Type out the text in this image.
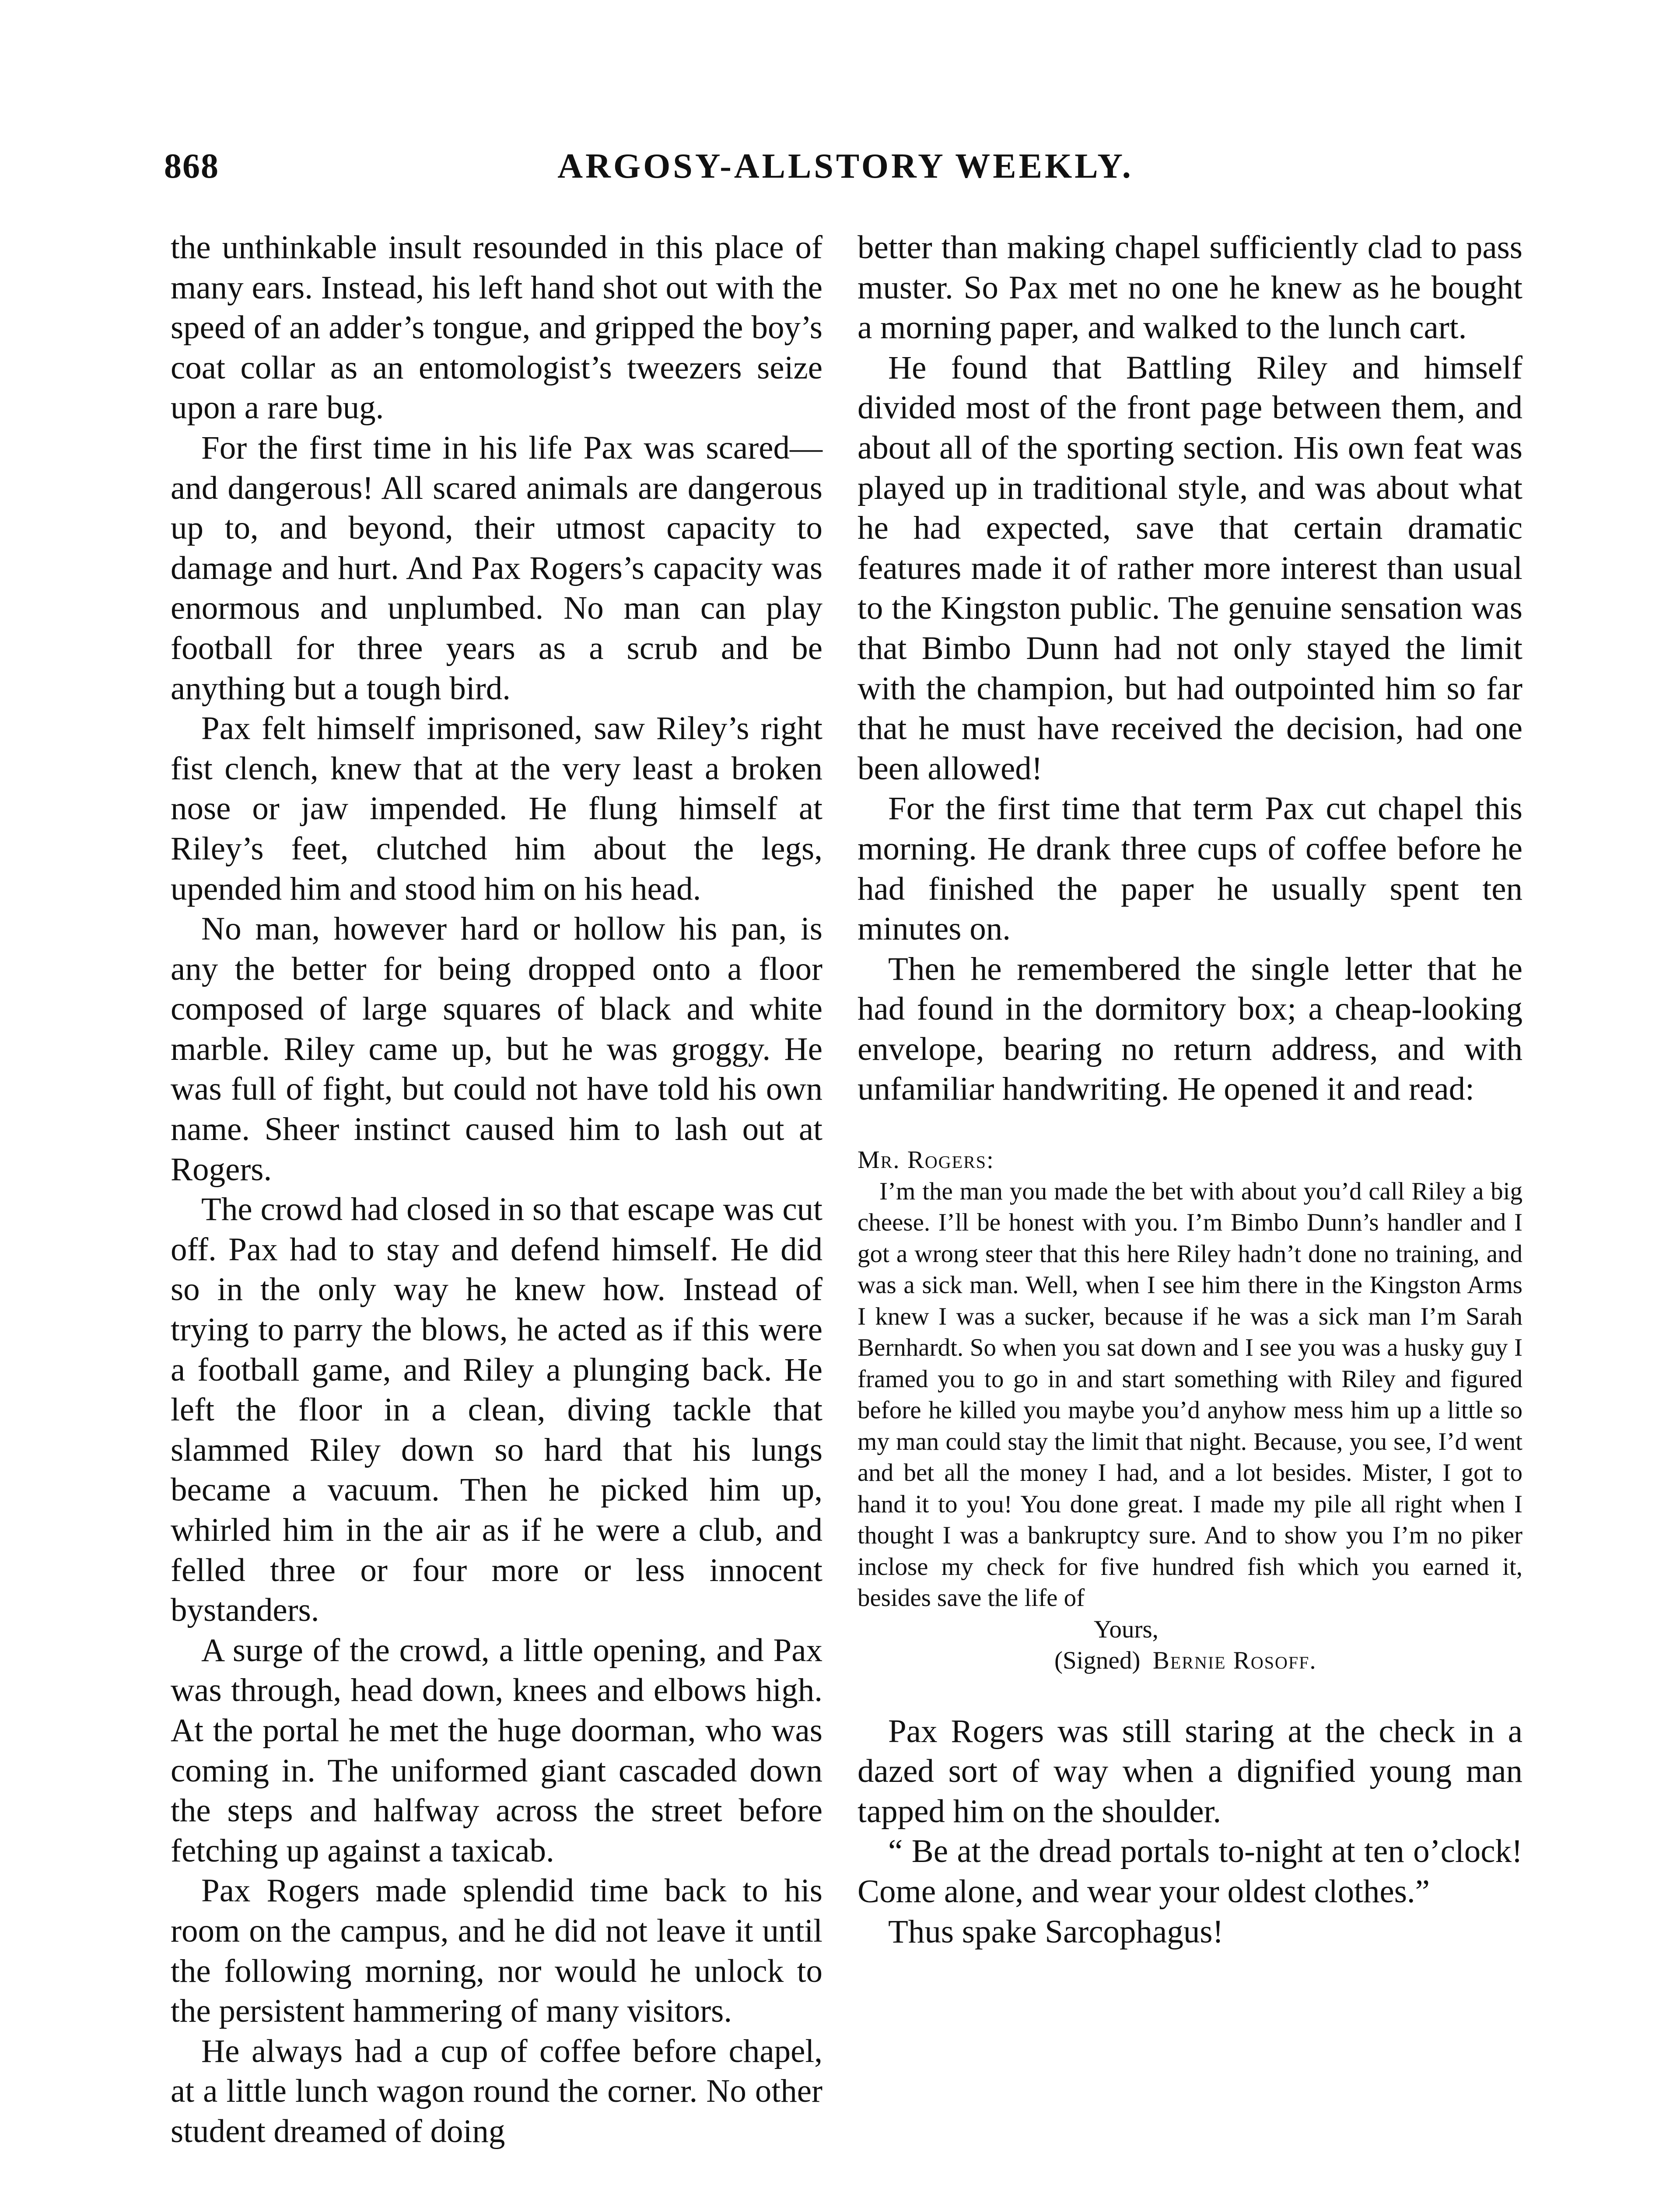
868	ARGOSY-ALLSTORY WEEKLY.

the unthinkable insult resounded in this place of many ears. Instead, his left hand shot out with the speed of an adder’s tongue, and gripped the boy’s coat collar as an entomologist’s tweezers seize upon a rare bug.

For the first time in his life Pax was scared—and dangerous! All scared animals are dangerous up to, and beyond, their utmost capacity to damage and hurt. And Pax Rogers’s capacity was enormous and unplumbed. No man can play football for three years as a scrub and be anything but a tough bird.

Pax felt himself imprisoned, saw Riley’s right fist clench, knew that at the very least a broken nose or jaw impended. He flung himself at Riley’s feet, clutched him about the legs, upended him and stood him on his head.

No man, however hard or hollow his pan, is any the better for being dropped onto a floor composed of large squares of black and white marble. Riley came up, but he was groggy. He was full of fight, but could not have told his own name. Sheer instinct caused him to lash out at Rogers.

The crowd had closed in so that escape was cut off. Pax had to stay and defend himself. He did so in the only way he knew how. Instead of trying to parry the blows, he acted as if this were a football game, and Riley a plunging back. He left the floor in a clean, diving tackle that slammed Riley down so hard that his lungs became a vacuum. Then he picked him up, whirled him in the air as if he were a club, and felled three or four more or less innocent bystanders.

A surge of the crowd, a little opening, and Pax was through, head down, knees and elbows high. At the portal he met the huge doorman, who was coming in. The uniformed giant cascaded down the steps and halfway across the street before fetching up against a taxicab.

Pax Rogers made splendid time back to his room on the campus, and he did not leave it until the following morning, nor would he unlock to the persistent hammering of many visitors.

He always had a cup of coffee before chapel, at a little lunch wagon round the corner. No other student dreamed of doing

better than making chapel sufficiently clad to pass muster. So Pax met no one he knew as he bought a morning paper, and walked to the lunch cart.

He found that Battling Riley and himself divided most of the front page between them, and about all of the sporting section. His own feat was played up in traditional style, and was about what he had expected, save that certain dramatic features made it of rather more interest than usual to the Kingston public. The genuine sensation was that Bimbo Dunn had not only stayed the limit with the champion, but had outpointed him so far that he must have received the decision, had one been allowed!

For the first time that term Pax cut chapel this morning. He drank three cups of coffee before he had finished the paper he usually spent ten minutes on.

Then he remembered the single letter that he had found in the dormitory box; a cheap-looking envelope, bearing no return address, and with unfamiliar handwriting. He opened it and read:

Mr. Rogers:

I’m the man you made the bet with about you’d call Riley a big cheese. I’ll be honest with you. I’m Bimbo Dunn’s handler and I got a wrong steer that this here Riley hadn’t done no training, and was a sick man. Well, when I see him there in the Kingston Arms I knew I was a sucker, because if he was a sick man I’m Sarah Bernhardt. So when you sat down and I see you was a husky guy I framed you to go in and start something with Riley and figured before he killed you maybe you’d anyhow mess him up a little so my man could stay the limit that night. Because, you see, I’d went and bet all the money I had, and a lot besides. Mister, I got to hand it to you! You done great. I made my pile all right when I thought I was a bankruptcy sure. And to show you I’m no piker inclose my check for five hundred fish which you earned it, besides save the life of

Yours,

(Signed) Bernie Rosoff.

Pax Rogers was still staring at the check in a dazed sort of way when a dignified young man tapped him on the shoulder.

“ Be at the dread portals to-night at ten o’clock! Come alone, and wear your oldest clothes.”

Thus spake Sarcophagus!
